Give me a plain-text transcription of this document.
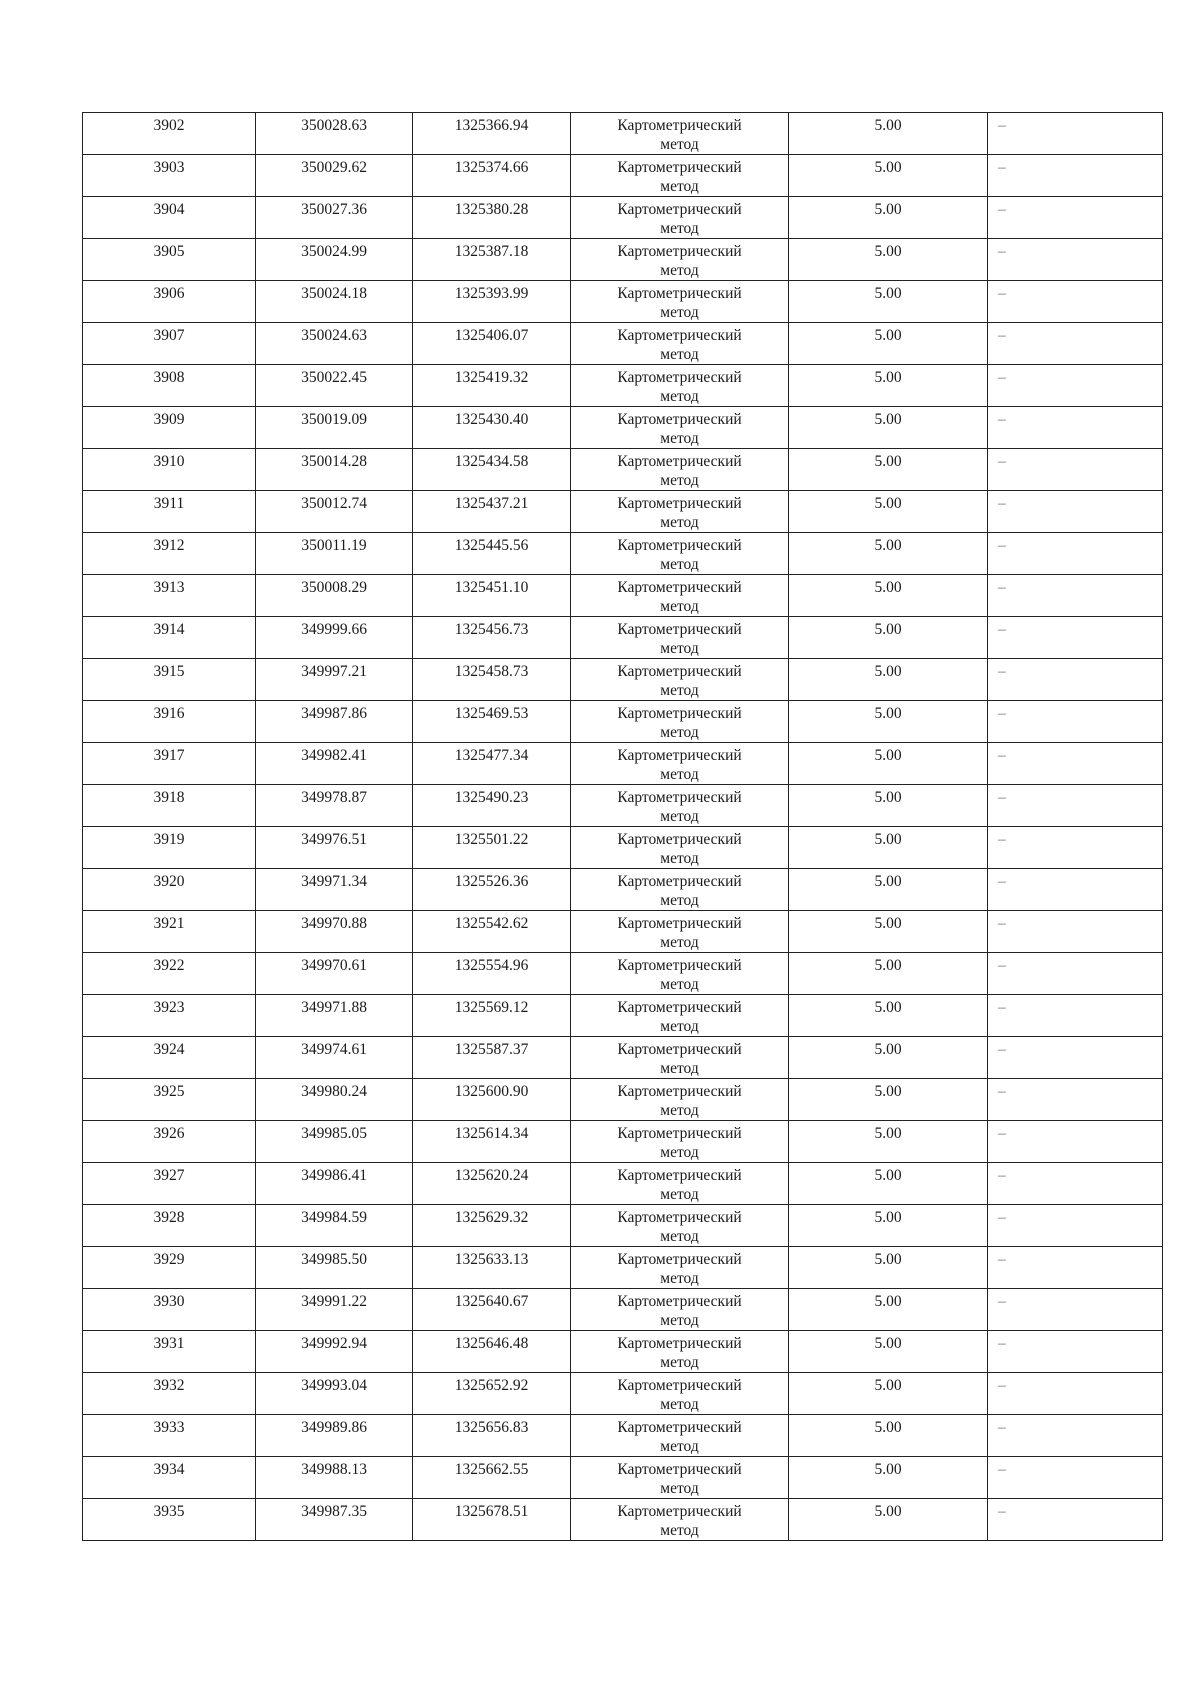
3902	350028.63	1325366.94	Картометрический
метод	5.00	–
3903	350029.62	1325374.66	Картометрический
метод	5.00	–
3904	350027.36	1325380.28	Картометрический
метод	5.00	–
3905	350024.99	1325387.18	Картометрический
метод	5.00	–
3906	350024.18	1325393.99	Картометрический
метод	5.00	–
3907	350024.63	1325406.07	Картометрический
метод	5.00	–
3908	350022.45	1325419.32	Картометрический
метод	5.00	–
3909	350019.09	1325430.40	Картометрический
метод	5.00	–
3910	350014.28	1325434.58	Картометрический
метод	5.00	–
3911	350012.74	1325437.21	Картометрический
метод	5.00	–
3912	350011.19	1325445.56	Картометрический
метод	5.00	–
3913	350008.29	1325451.10	Картометрический
метод	5.00	–
3914	349999.66	1325456.73	Картометрический
метод	5.00	–
3915	349997.21	1325458.73	Картометрический
метод	5.00	–
3916	349987.86	1325469.53	Картометрический
метод	5.00	–
3917	349982.41	1325477.34	Картометрический
метод	5.00	–
3918	349978.87	1325490.23	Картометрический
метод	5.00	–
3919	349976.51	1325501.22	Картометрический
метод	5.00	–
3920	349971.34	1325526.36	Картометрический
метод	5.00	–
3921	349970.88	1325542.62	Картометрический
метод	5.00	–
3922	349970.61	1325554.96	Картометрический
метод	5.00	–
3923	349971.88	1325569.12	Картометрический
метод	5.00	–
3924	349974.61	1325587.37	Картометрический
метод	5.00	–
3925	349980.24	1325600.90	Картометрический
метод	5.00	–
3926	349985.05	1325614.34	Картометрический
метод	5.00	–
3927	349986.41	1325620.24	Картометрический
метод	5.00	–
3928	349984.59	1325629.32	Картометрический
метод	5.00	–
3929	349985.50	1325633.13	Картометрический
метод	5.00	–
3930	349991.22	1325640.67	Картометрический
метод	5.00	–
3931	349992.94	1325646.48	Картометрический
метод	5.00	–
3932	349993.04	1325652.92	Картометрический
метод	5.00	–
3933	349989.86	1325656.83	Картометрический
метод	5.00	–
3934	349988.13	1325662.55	Картометрический
метод	5.00	–
3935	349987.35	1325678.51	Картометрический
метод	5.00	–
